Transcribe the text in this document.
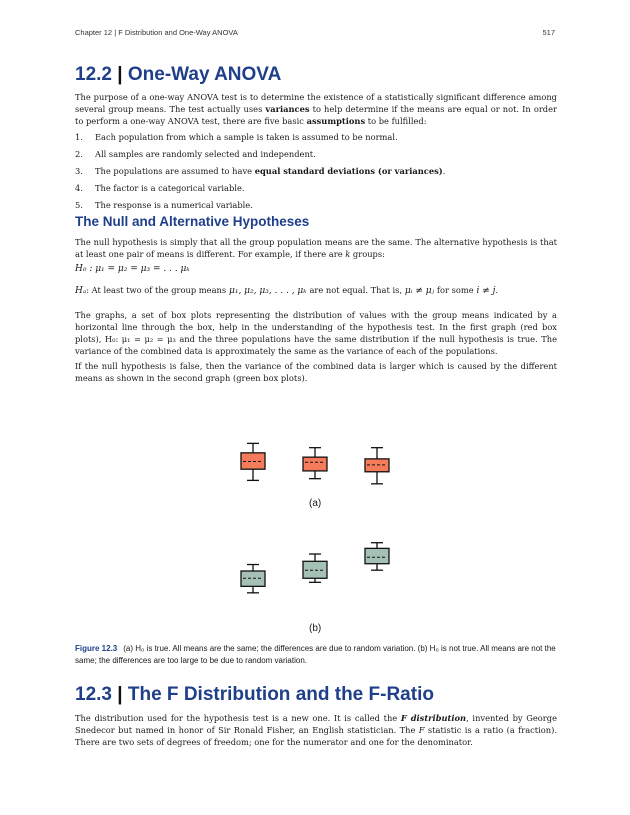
Chapter 12 | F Distribution and One-Way ANOVA	517
12.2 | One-Way ANOVA

The purpose of a one-way ANOVA test is to determine the existence of a statistically significant difference among several group means. The test actually uses variances to help determine if the means are equal or not. In order to perform a one-way ANOVA test, there are five basic assumptions to be fulfilled:

1. Each population from which a sample is taken is assumed to be normal.
2. All samples are randomly selected and independent.
3. The populations are assumed to have equal standard deviations (or variances).
4. The factor is a categorical variable.
5. The response is a numerical variable.
The Null and Alternative Hypotheses

The null hypothesis is simply that all the group population means are the same. The alternative hypothesis is that at least one pair of means is different. For example, if there are k groups:

H₀ : μ₁ = μ₂ = μ₃ = . . . μₖ
Hₐ: At least two of the group means μ₁, μ₂, μ₃, . . . , μₖ are not equal. That is, μᵢ ≠ μⱼ for some i ≠ j.

The graphs, a set of box plots representing the distribution of values with the group means indicated by a horizontal line through the box, help in the understanding of the hypothesis test. In the first graph (red box plots), H₀: μ₁ = μ₂ = μ₃ and the three populations have the same distribution if the null hypothesis is true. The variance of the combined data is approximately the same as the variance of each of the populations.

If the null hypothesis is false, then the variance of the combined data is larger which is caused by the different means as shown in the second graph (green box plots).

(a)
(b)
Figure 12.3 (a) H₀ is true. All means are the same; the differences are due to random variation. (b) H₀ is not true. All means are not the same; the differences are too large to be due to random variation.
12.3 | The F Distribution and the F-Ratio

The distribution used for the hypothesis test is a new one. It is called the F distribution, invented by George Snedecor but named in honor of Sir Ronald Fisher, an English statistician. The F statistic is a ratio (a fraction). There are two sets of degrees of freedom; one for the numerator and one for the denominator.
